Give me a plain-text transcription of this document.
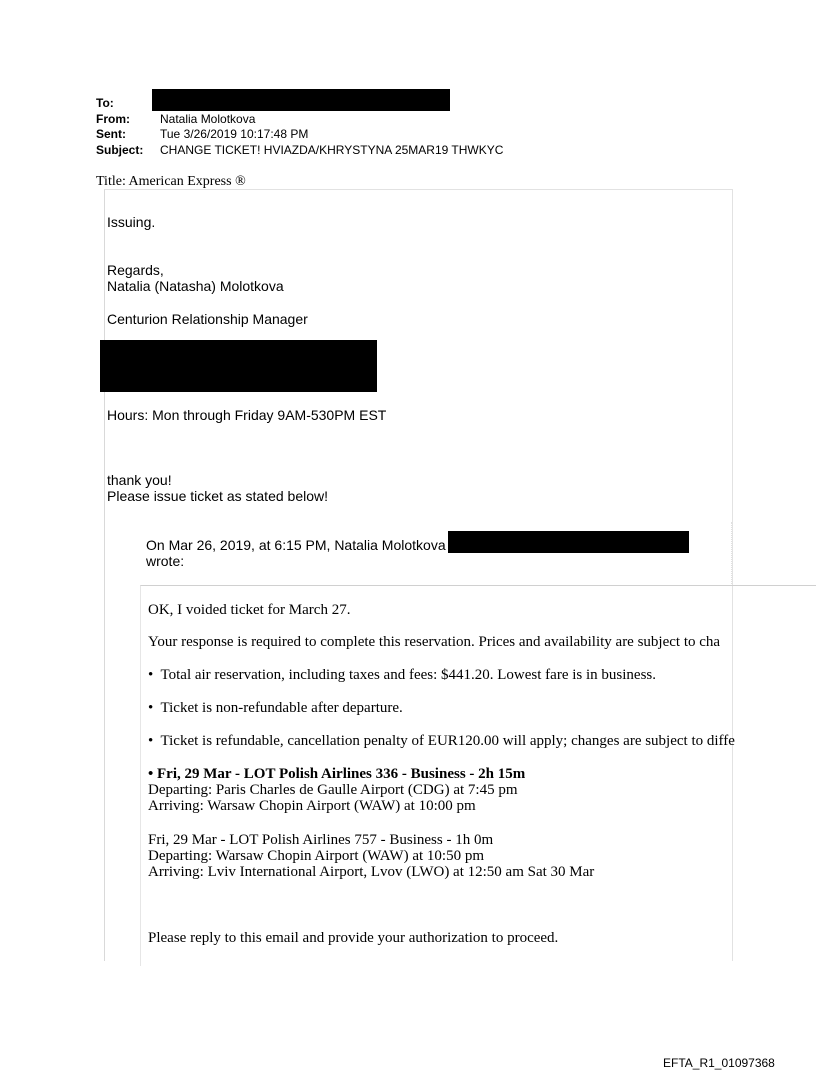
To:
From:	Natalia Molotkova
Sent:	Tue 3/26/2019 10:17:48 PM
Subject: CHANGE TICKET! HVIAZDA/KHRYSTYNA 25MAR19 THWKYC
Title: American Express ®
Issuing.
Regards,
Natalia (Natasha) Molotkova
Centurion Relationship Manager
Hours: Mon through Friday 9AM-530PM EST
thank you!
Please issue ticket as stated below!
On Mar 26, 2019, at 6:15 PM, Natalia Molotkova
wrote:
OK, I voided ticket for March 27.
Your response is required to complete this reservation. Prices and availability are subject to cha
• Total air reservation, including taxes and fees: $441.20. Lowest fare is in business.
• Ticket is non-refundable after departure.
• Ticket is refundable, cancellation penalty of EUR120.00 will apply; changes are subject to diffe
• Fri, 29 Mar - LOT Polish Airlines 336 - Business - 2h 15m
Departing: Paris Charles de Gaulle Airport (CDG) at 7:45 pm
Arriving: Warsaw Chopin Airport (WAW) at 10:00 pm
Fri, 29 Mar - LOT Polish Airlines 757 - Business - 1h 0m
Departing: Warsaw Chopin Airport (WAW) at 10:50 pm
Arriving: Lviv International Airport, Lvov (LWO) at 12:50 am Sat 30 Mar
Please reply to this email and provide your authorization to proceed.
EFTA_R1_01097368
